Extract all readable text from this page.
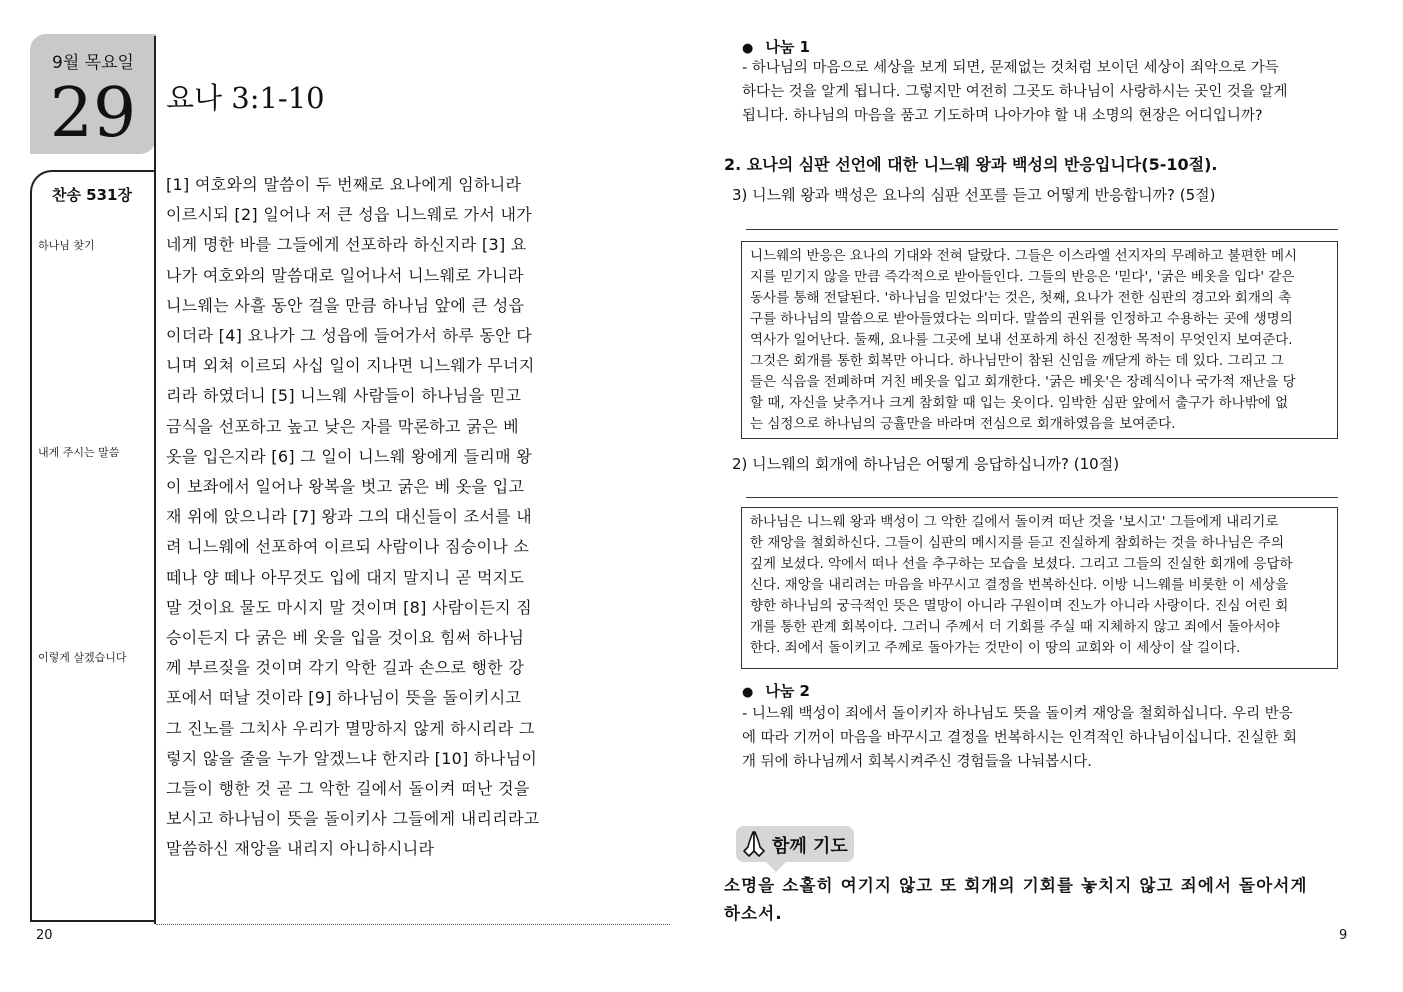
9월 목요일
29	요나 3:1-10
찬송 531장
하나님 찾기
내게 주시는 말씀
이렇게 살겠습니다
[1] 여호와의 말씀이 두 번째로 요나에게 임하니라
이르시되 [2] 일어나 저 큰 성읍 니느웨로 가서 내가
네게 명한 바를 그들에게 선포하라 하신지라 [3] 요
나가 여호와의 말씀대로 일어나서 니느웨로 가니라
니느웨는 사흘 동안 걸을 만큼 하나님 앞에 큰 성읍
이더라 [4] 요나가 그 성읍에 들어가서 하루 동안 다
니며 외쳐 이르되 사십 일이 지나면 니느웨가 무너지
리라 하였더니 [5] 니느웨 사람들이 하나님을 믿고
금식을 선포하고 높고 낮은 자를 막론하고 굵은 베
옷을 입은지라 [6] 그 일이 니느웨 왕에게 들리매 왕
이 보좌에서 일어나 왕복을 벗고 굵은 베 옷을 입고
재 위에 앉으니라 [7] 왕과 그의 대신들이 조서를 내
려 니느웨에 선포하여 이르되 사람이나 짐승이나 소
떼나 양 떼나 아무것도 입에 대지 말지니 곧 먹지도
말 것이요 물도 마시지 말 것이며 [8] 사람이든지 짐
승이든지 다 굵은 베 옷을 입을 것이요 힘써 하나님
께 부르짖을 것이며 각기 악한 길과 손으로 행한 강
포에서 떠날 것이라 [9] 하나님이 뜻을 돌이키시고
그 진노를 그치사 우리가 멸망하지 않게 하시리라 그
렇지 않을 줄을 누가 알겠느냐 한지라 [10] 하나님이
그들이 행한 것 곧 그 악한 길에서 돌이켜 떠난 것을
보시고 하나님이 뜻을 돌이키사 그들에게 내리리라고
말씀하신 재앙을 내리지 아니하시니라
20
● 나눔 1
- 하나님의 마음으로 세상을 보게 되면, 문제없는 것처럼 보이던 세상이 죄악으로 가득
하다는 것을 알게 됩니다. 그렇지만 여전히 그곳도 하나님이 사랑하시는 곳인 것을 알게
됩니다. 하나님의 마음을 품고 기도하며 나아가야 할 내 소명의 현장은 어디입니까?
2. 요나의 심판 선언에 대한 니느웨 왕과 백성의 반응입니다(5-10절).
3) 니느웨 왕과 백성은 요나의 심판 선포를 듣고 어떻게 반응합니까? (5절)
니느웨의 반응은 요나의 기대와 전혀 달랐다. 그들은 이스라엘 선지자의 무례하고 불편한 메시
지를 믿기지 않을 만큼 즉각적으로 받아들인다. 그들의 반응은 '믿다', '굵은 베옷을 입다' 같은
동사를 통해 전달된다. '하나님을 믿었다'는 것은, 첫째, 요나가 전한 심판의 경고와 회개의 촉
구를 하나님의 말씀으로 받아들였다는 의미다. 말씀의 권위를 인정하고 수용하는 곳에 생명의
역사가 일어난다. 둘째, 요나를 그곳에 보내 선포하게 하신 진정한 목적이 무엇인지 보여준다.
그것은 회개를 통한 회복만 아니다. 하나님만이 참된 신임을 깨닫게 하는 데 있다. 그리고 그
들은 식음을 전폐하며 거친 베옷을 입고 회개한다. '굵은 베옷'은 장례식이나 국가적 재난을 당
할 때, 자신을 낮추거나 크게 참회할 때 입는 옷이다. 임박한 심판 앞에서 출구가 하나밖에 없
는 심정으로 하나님의 긍휼만을 바라며 전심으로 회개하였음을 보여준다.
2) 니느웨의 회개에 하나님은 어떻게 응답하십니까? (10절)
하나님은 니느웨 왕과 백성이 그 악한 길에서 돌이켜 떠난 것을 '보시고' 그들에게 내리기로
한 재앙을 철회하신다. 그들이 심판의 메시지를 듣고 진실하게 참회하는 것을 하나님은 주의
깊게 보셨다. 악에서 떠나 선을 추구하는 모습을 보셨다. 그리고 그들의 진실한 회개에 응답하
신다. 재앙을 내리려는 마음을 바꾸시고 결정을 번복하신다. 이방 니느웨를 비롯한 이 세상을
향한 하나님의 궁극적인 뜻은 멸망이 아니라 구원이며 진노가 아니라 사랑이다. 진심 어린 회
개를 통한 관계 회복이다. 그러니 주께서 더 기회를 주실 때 지체하지 않고 죄에서 돌아서야
한다. 죄에서 돌이키고 주께로 돌아가는 것만이 이 땅의 교회와 이 세상이 살 길이다.
● 나눔 2
- 니느웨 백성이 죄에서 돌이키자 하나님도 뜻을 돌이켜 재앙을 철회하십니다. 우리 반응
에 따라 기꺼이 마음을 바꾸시고 결정을 번복하시는 인격적인 하나님이십니다. 진실한 회
개 뒤에 하나님께서 회복시켜주신 경험들을 나눠봅시다.
함께 기도
소명을 소홀히 여기지 않고 또 회개의 기회를 놓치지 않고 죄에서 돌아서게
하소서.
9
